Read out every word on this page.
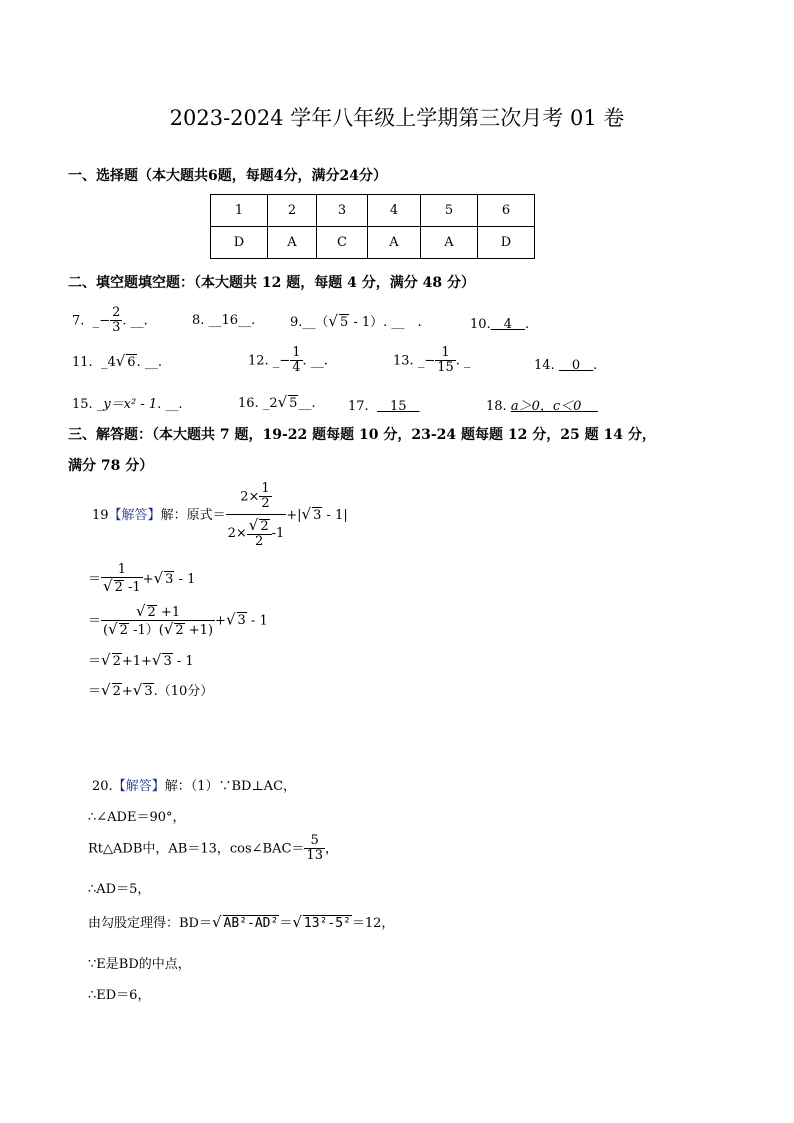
2023-2024 学年八年级上学期第三次月考 01 卷
一、选择题（本大题共6题，每题4分，满分24分）
1	2	3	4	5	6
D	A	C	A	A	D
二、填空题填空题：（本大题共 12 题，每题 4 分，满分 48 分）
7.  _− $\frac{2}{3}$ . __.	8. __16__.	9.__（√ 5 - 1）. __　.	10.　4　.
11.  _4√ 6. __.	12. _− $\frac{1}{4}$ . __.	13. _− $\frac{1}{15}$ . _	14. 　0　.
15. _y＝x² - 1. __.	16. _2√ 5__. 17.  　15　	18. a＞0，c＜0
三、解答题：（本大题共 7 题，19-22 题每题 10 分，23-24 题每题 12 分，25 题 14 分，
满分 78 分）
19【解答】解：原式＝ $\frac{2\times \frac{1}{2}}{2\times \frac{√ 2}{2} -1}$ +|√ 3 - 1|
＝ $\frac{1}{√ 2 -1}$ +√ 3 - 1
＝ $\frac{√ 2 +1}{(√ 2 -1)(√ 2 +1)}$ +√ 3 - 1
＝√ 2+1+√ 3 - 1
＝√ 2+√ 3.（10分）
20.【解答】解：（1）∵BD⊥AC，
∴∠ADE＝90°，
Rt△ADB中，AB＝13，cos∠BAC＝ $\frac{5}{13}$ ，
∴AD＝5，
由勾股定理得：BD＝√ AB²-AD²＝√ 13²-5²＝12，
∵E是BD的中点，
∴ED＝6，
